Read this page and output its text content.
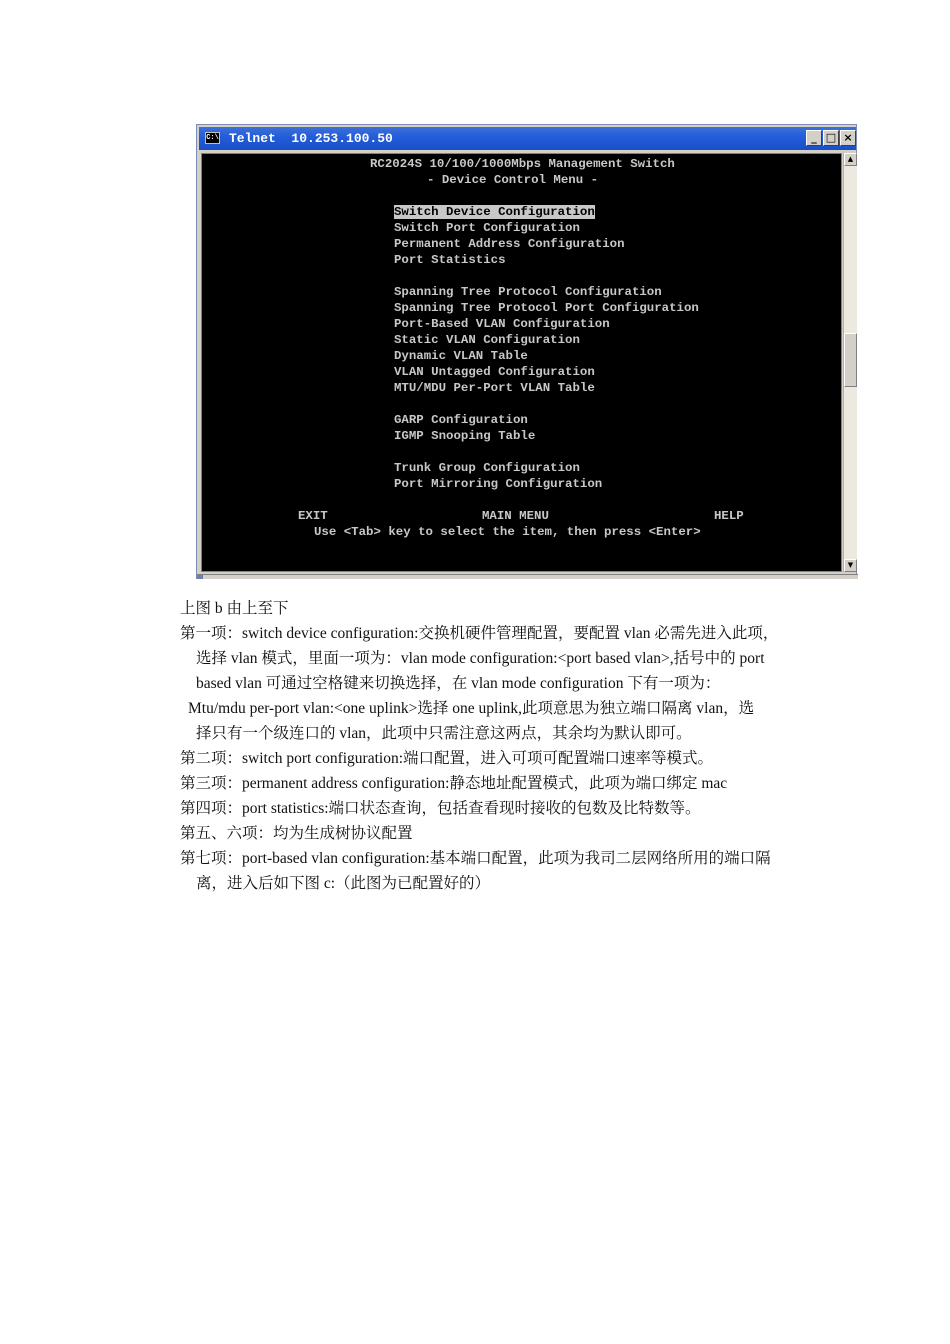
C:\ Telnet  10.253.100.50	_ □ ×

RC2024S 10/100/1000Mbps Management Switch

- Device Control Menu -

Switch Device Configuration

Switch Port Configuration

Permanent Address Configuration

Port Statistics

Spanning Tree Protocol Configuration

Spanning Tree Protocol Port Configuration

Port-Based VLAN Configuration

Static VLAN Configuration

Dynamic VLAN Table

VLAN Untagged Configuration

MTU/MDU Per-Port VLAN Table

GARP Configuration

IGMP Snooping Table

Trunk Group Configuration

Port Mirroring Configuration

EXIT

	MAIN MENU

	HELP

Use <Tab> key to select the item, then press <Enter>

▲
▼

上图 b 由上至下

第一项：switch device configuration:交换机硬件管理配置，要配置 vlan 必需先进入此项，

选择 vlan 模式，里面一项为：vlan mode configuration:<port based vlan>,括号中的 port

based vlan 可通过空格键来切换选择，在 vlan mode configuration 下有一项为：

Mtu/mdu per-port vlan:<one uplink>选择 one uplink,此项意思为独立端口隔离 vlan，选

择只有一个级连口的 vlan，此项中只需注意这两点，其余均为默认即可。

第二项：switch port configuration:端口配置，进入可项可配置端口速率等模式。

第三项：permanent address configuration:静态地址配置模式，此项为端口绑定 mac

第四项：port statistics:端口状态查询，包括查看现时接收的包数及比特数等。

第五、六项：均为生成树协议配置

第七项：port-based vlan configuration:基本端口配置，此项为我司二层网络所用的端口隔

离，进入后如下图 c:（此图为已配置好的）
